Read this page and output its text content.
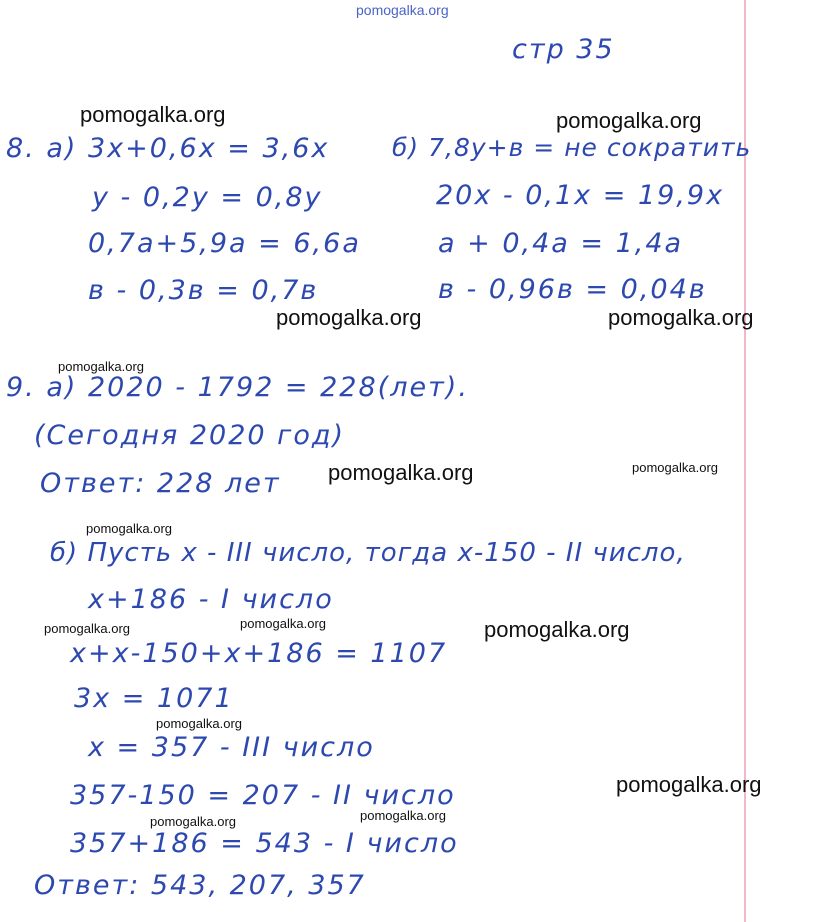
pomogalka.org
стр 35
8. а) 3x+0,6x = 3,6x
y - 0,2y = 0,8y
0,7a+5,9a = 6,6a
в - 0,3в = 0,7в
б) 7,8y+в = не сократить
20x - 0,1x = 19,9x
a + 0,4a = 1,4a
в - 0,96в = 0,04в
9. а) 2020 - 1792 = 228(лет).
(Сегодня 2020 год)
Ответ: 228 лет
б) Пусть x - III число, тогда x-150 - II число,
x+186 - I число
x+x-150+x+186 = 1107
3x = 1071
x = 357 - III число
357-150 = 207 - II число
357+186 = 543 - I число
Ответ: 543, 207, 357
pomogalka.org	pomogalka.org
pomogalka.org	pomogalka.org
pomogalka.org
pomogalka.org	pomogalka.org
pomogalka.org
pomogalka.org	pomogalka.org	pomogalka.org
pomogalka.org
pomogalka.org
pomogalka.org	pomogalka.org
